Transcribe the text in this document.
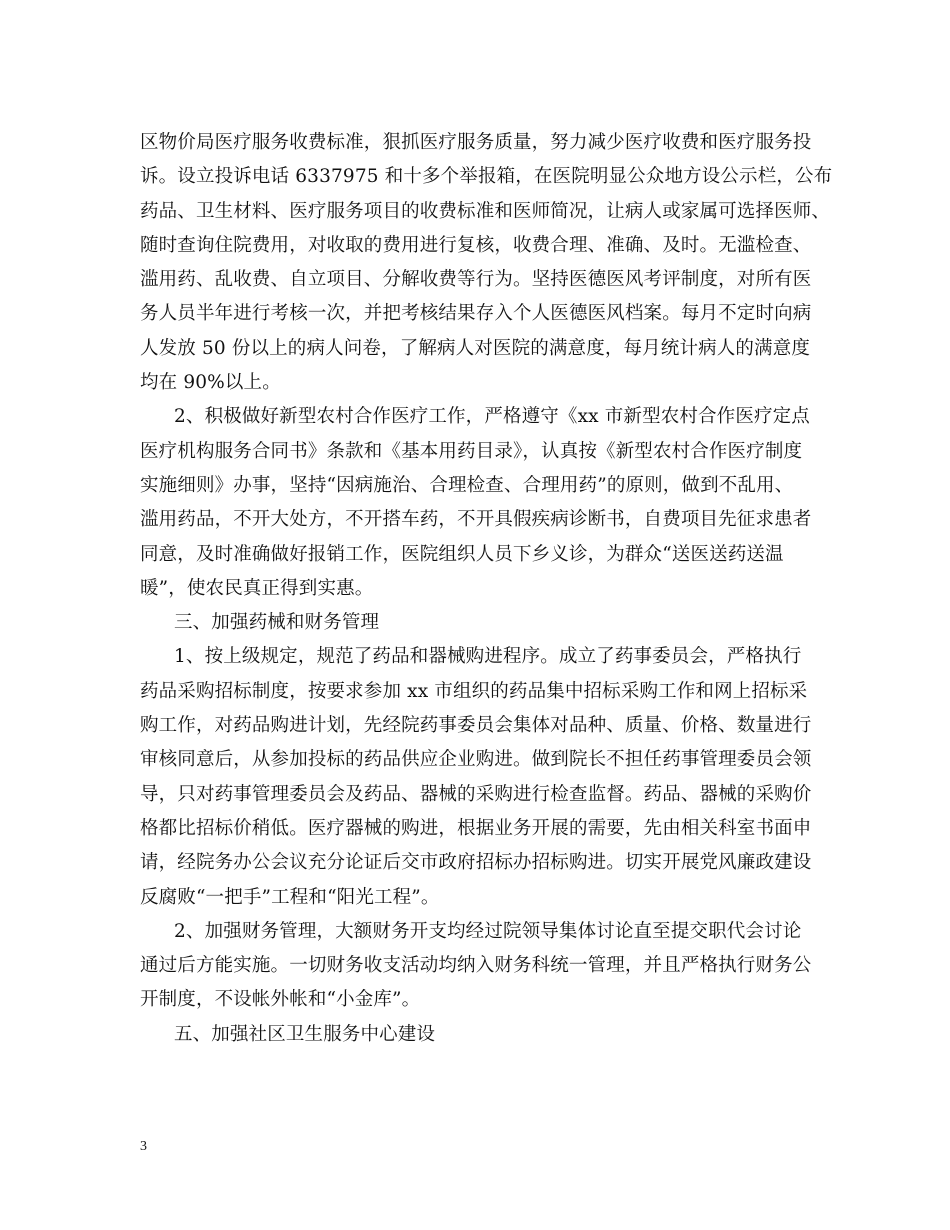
区物价局医疗服务收费标准，狠抓医疗服务质量，努力减少医疗收费和医疗服务投
诉。设立投诉电话 6337975 和十多个举报箱，在医院明显公众地方设公示栏，公布
药品、卫生材料、医疗服务项目的收费标准和医师简况，让病人或家属可选择医师、
随时查询住院费用，对收取的费用进行复核，收费合理、准确、及时。无滥检查、
滥用药、乱收费、自立项目、分解收费等行为。坚持医德医风考评制度，对所有医
务人员半年进行考核一次，并把考核结果存入个人医德医风档案。每月不定时向病
人发放 50 份以上的病人问卷，了解病人对医院的满意度，每月统计病人的满意度
均在 90%以上。
2、积极做好新型农村合作医疗工作，严格遵守《xx 市新型农村合作医疗定点
医疗机构服务合同书》条款和《基本用药目录》，认真按《新型农村合作医疗制度
实施细则》办事，坚持“因病施治、合理检查、合理用药”的原则，做到不乱用、
滥用药品，不开大处方，不开搭车药，不开具假疾病诊断书，自费项目先征求患者
同意，及时准确做好报销工作，医院组织人员下乡义诊，为群众“送医送药送温
暖”，使农民真正得到实惠。
三、加强药械和财务管理
1、按上级规定，规范了药品和器械购进程序。成立了药事委员会，严格执行
药品采购招标制度，按要求参加 xx 市组织的药品集中招标采购工作和网上招标采
购工作，对药品购进计划，先经院药事委员会集体对品种、质量、价格、数量进行
审核同意后，从参加投标的药品供应企业购进。做到院长不担任药事管理委员会领
导，只对药事管理委员会及药品、器械的采购进行检查监督。药品、器械的采购价
格都比招标价稍低。医疗器械的购进，根据业务开展的需要，先由相关科室书面申
请，经院务办公会议充分论证后交市政府招标办招标购进。切实开展党风廉政建设
反腐败“一把手”工程和“阳光工程”。
2、加强财务管理，大额财务开支均经过院领导集体讨论直至提交职代会讨论
通过后方能实施。一切财务收支活动均纳入财务科统一管理，并且严格执行财务公
开制度，不设帐外帐和“小金库”。
五、加强社区卫生服务中心建设
3
